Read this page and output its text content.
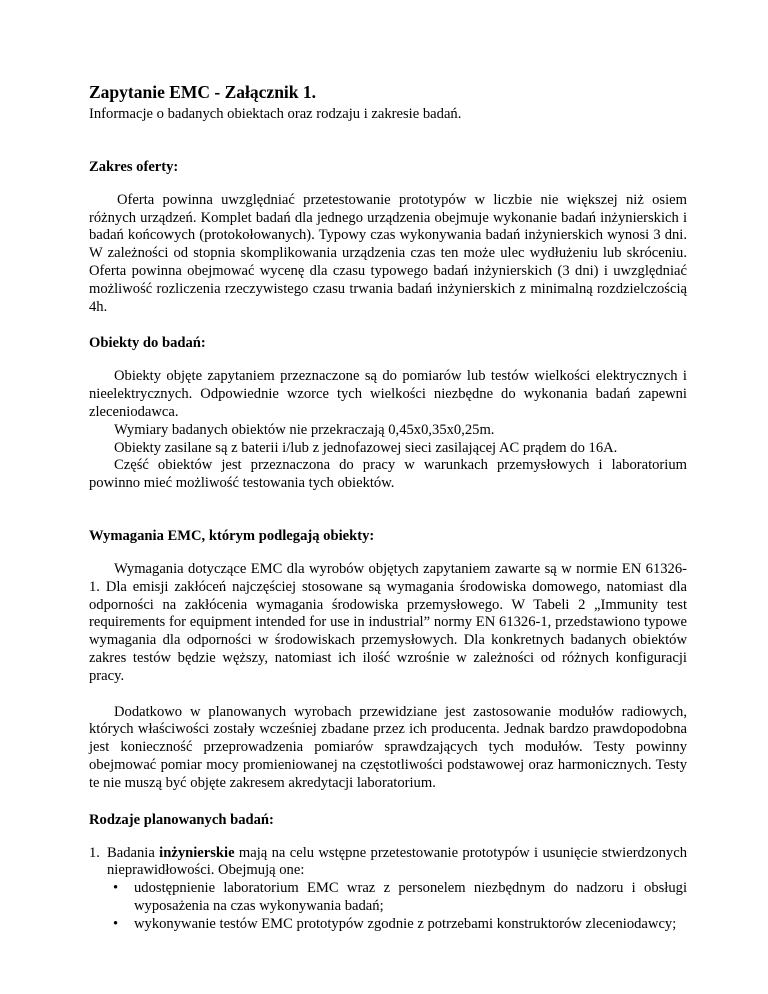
Zapytanie EMC - Załącznik 1.

Informacje o badanych obiektach oraz rodzaju i zakresie badań.

Zakres oferty:

Oferta powinna uwzględniać przetestowanie prototypów w liczbie nie większej niż osiem różnych urządzeń. Komplet badań dla jednego urządzenia obejmuje wykonanie badań inżynierskich i badań końcowych (protokołowanych). Typowy czas wykonywania badań inżynierskich wynosi 3 dni. W zależności od stopnia skomplikowania urządzenia czas ten może ulec wydłużeniu lub skróceniu. Oferta powinna obejmować wycenę dla czasu typowego badań inżynierskich (3 dni) i uwzględniać możliwość rozliczenia rzeczywistego czasu trwania badań inżynierskich z minimalną rozdzielczością 4h.

Obiekty do badań:

Obiekty objęte zapytaniem przeznaczone są do pomiarów lub testów wielkości elektrycznych i nieelektrycznych. Odpowiednie wzorce tych wielkości niezbędne do wykonania badań zapewni zleceniodawca.

Wymiary badanych obiektów nie przekraczają 0,45x0,35x0,25m.

Obiekty zasilane są z baterii i/lub z jednofazowej sieci zasilającej AC prądem do 16A.

Część obiektów jest przeznaczona do pracy w warunkach przemysłowych i laboratorium powinno mieć możliwość testowania tych obiektów.

Wymagania EMC, którym podlegają obiekty:

Wymagania dotyczące EMC dla wyrobów objętych zapytaniem zawarte są w normie EN 61326-1. Dla emisji zakłóceń najczęściej stosowane są wymagania środowiska domowego, natomiast dla odporności na zakłócenia wymagania środowiska przemysłowego. W Tabeli 2 „Immunity test requirements for equipment intended for use in industrial” normy EN 61326-1, przedstawiono typowe wymagania dla odporności w środowiskach przemysłowych. Dla konkretnych badanych obiektów zakres testów będzie węższy, natomiast ich ilość wzrośnie w zależności od różnych konfiguracji pracy.

Dodatkowo w planowanych wyrobach przewidziane jest zastosowanie modułów radiowych, których właściwości zostały wcześniej zbadane przez ich producenta. Jednak bardzo prawdopodobna jest konieczność przeprowadzenia pomiarów sprawdzających tych modułów. Testy powinny obejmować pomiar mocy promieniowanej na częstotliwości podstawowej oraz harmonicznych. Testy te nie muszą być objęte zakresem akredytacji laboratorium.

Rodzaje planowanych badań:
1. Badania inżynierskie mają na celu wstępne przetestowanie prototypów i usunięcie stwierdzonych nieprawidłowości. Obejmują one:
• udostępnienie laboratorium EMC wraz z personelem niezbędnym do nadzoru i obsługi wyposażenia na czas wykonywania badań;
• wykonywanie testów EMC prototypów zgodnie z potrzebami konstruktorów zleceniodawcy;
